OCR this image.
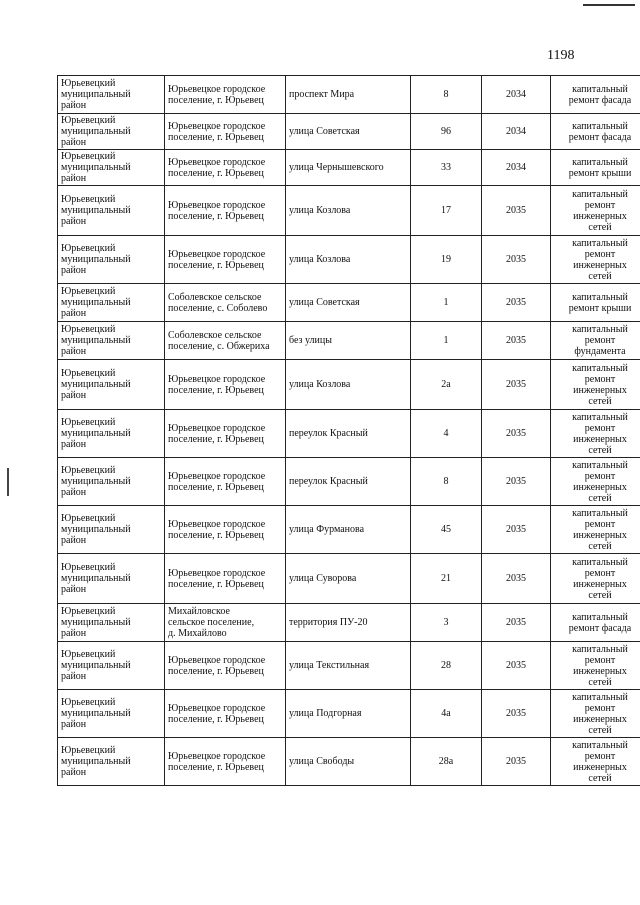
1198
Юрьевецкий
муниципальный
район	Юрьевецкое городское
поселение, г. Юрьевец	проспект Мира	8	2034	капитальный
ремонт фасада

Юрьевецкий
муниципальный
район	Юрьевецкое городское
поселение, г. Юрьевец	улица Советская	96	2034	капитальный
ремонт фасада

Юрьевецкий
муниципальный
район	Юрьевецкое городское
поселение, г. Юрьевец	улица Чернышевского	33	2034	капитальный
ремонт крыши

Юрьевецкий
муниципальный
район	Юрьевецкое городское
поселение, г. Юрьевец	улица Козлова	17	2035	капитальный
ремонт
инженерных
сетей

Юрьевецкий
муниципальный
район	Юрьевецкое городское
поселение, г. Юрьевец	улица Козлова	19	2035	капитальный
ремонт
инженерных
сетей

Юрьевецкий
муниципальный
район	Соболевское сельское
поселение, с. Соболево	улица Советская	1	2035	капитальный
ремонт крыши

Юрьевецкий
муниципальный
район	Соболевское сельское
поселение, с. Обжериха	без улицы	1	2035	капитальный
ремонт
фундамента

Юрьевецкий
муниципальный
район	Юрьевецкое городское
поселение, г. Юрьевец	улица Козлова	2а	2035	капитальный
ремонт
инженерных
сетей

Юрьевецкий
муниципальный
район	Юрьевецкое городское
поселение, г. Юрьевец	переулок Красный	4	2035	капитальный
ремонт
инженерных
сетей

Юрьевецкий
муниципальный
район	Юрьевецкое городское
поселение, г. Юрьевец	переулок Красный	8	2035	капитальный
ремонт
инженерных
сетей

Юрьевецкий
муниципальный
район	Юрьевецкое городское
поселение, г. Юрьевец	улица Фурманова	45	2035	капитальный
ремонт
инженерных
сетей

Юрьевецкий
муниципальный
район	Юрьевецкое городское
поселение, г. Юрьевец	улица Суворова	21	2035	капитальный
ремонт
инженерных
сетей

Юрьевецкий
муниципальный
район	Михайловское
сельское поселение,
д. Михайлово	территория ПУ-20	3	2035	капитальный
ремонт фасада

Юрьевецкий
муниципальный
район	Юрьевецкое городское
поселение, г. Юрьевец	улица Текстильная	28	2035	капитальный
ремонт
инженерных
сетей

Юрьевецкий
муниципальный
район	Юрьевецкое городское
поселение, г. Юрьевец	улица Подгорная	4а	2035	капитальный
ремонт
инженерных
сетей

Юрьевецкий
муниципальный
район	Юрьевецкое городское
поселение, г. Юрьевец	улица Свободы	28а	2035	капитальный
ремонт
инженерных
сетей
